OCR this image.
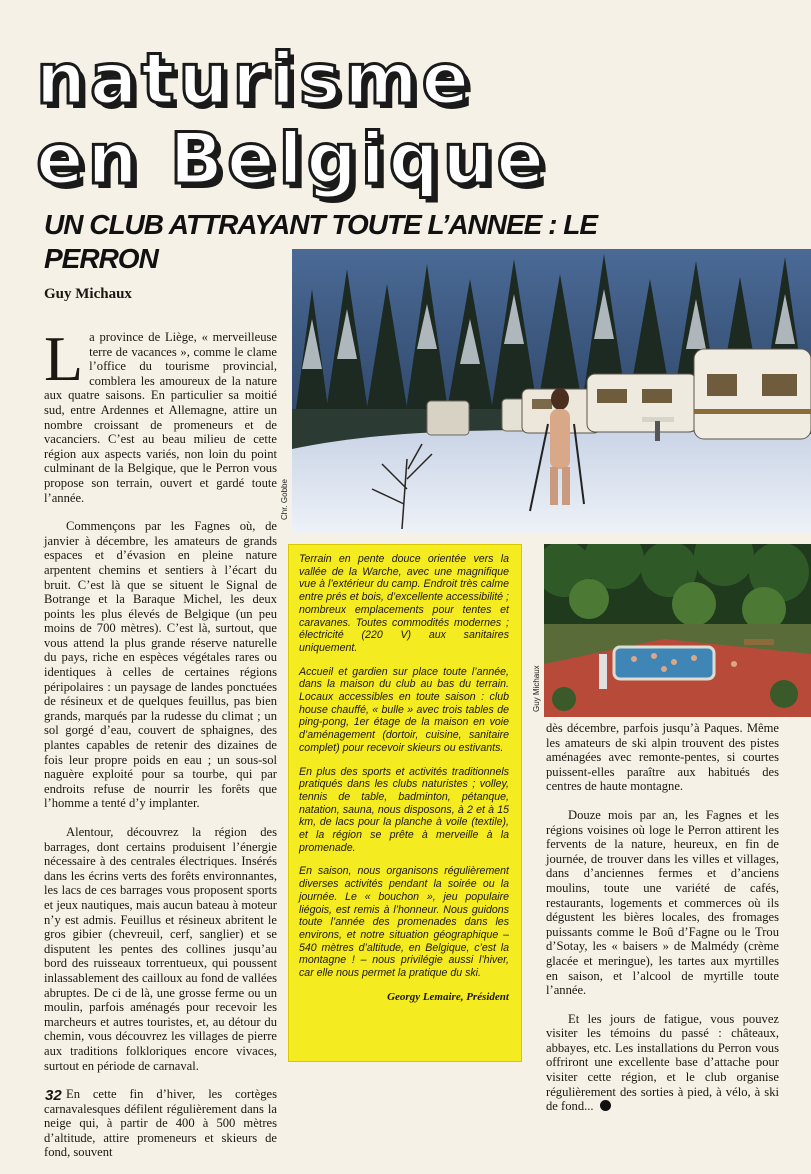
naturisme
en Belgique
UN CLUB ATTRAYANT TOUTE L’ANNEE : LE PERRON
Guy Michaux

La province de Liège, « merveilleuse terre de vacances », comme le clame l’office du tourisme provincial, comblera les amoureux de la nature aux quatre saisons. En particulier sa moitié sud, entre Ardennes et Allemagne, attire un nombre croissant de promeneurs et de vacanciers. C’est au beau milieu de cette région aux aspects variés, non loin du point culminant de la Belgique, que le Perron vous propose son terrain, ouvert et gardé toute l’année.

Commençons par les Fagnes où, de janvier à décembre, les amateurs de grands espaces et d’évasion en pleine nature arpentent chemins et sentiers à l’écart du bruit. C’est là que se situent le Signal de Botrange et la Baraque Michel, les deux points les plus élevés de Belgique (un peu moins de 700 mètres). C’est là, surtout, que vous attend la plus grande réserve naturelle du pays, riche en espèces végétales rares ou identiques à celles de certaines régions péripolaires : un paysage de landes ponctuées de résineux et de quelques feuillus, pas bien grands, marqués par la rudesse du climat ; un sol gorgé d’eau, couvert de sphaignes, des plantes capables de retenir des dizaines de fois leur propre poids en eau ; un sous-sol naguère exploité pour sa tourbe, qui par endroits refuse de nourrir les forêts que l’homme a tenté d’y implanter.

Alentour, découvrez la région des barrages, dont certains produisent l’énergie nécessaire à des centrales électriques. Insérés dans les écrins verts des forêts environnantes, les lacs de ces barrages vous proposent sports et jeux nautiques, mais aucun bateau à moteur n’y est admis. Feuillus et résineux abritent le gros gibier (chevreuil, cerf, sanglier) et se disputent les pentes des collines jusqu’au bord des ruisseaux torrentueux, qui poussent inlassablement des cailloux au fond de vallées abruptes. De ci de là, une grosse ferme ou un moulin, parfois aménagés pour recevoir les marcheurs et autres touristes, et, au détour du chemin, vous découvrez les villages de pierre aux traditions folkloriques encore vivaces, surtout en période de carnaval.

En cette fin d’hiver, les cortèges carnavalesques défilent régulièrement dans la neige qui, à partir de 400 à 500 mètres d’altitude, attire promeneurs et skieurs de fond, souvent

Chr. Gobbe

Terrain en pente douce orientée vers la vallée de la Warche, avec une magnifique vue à l’extérieur du camp. Endroit très calme entre prés et bois, d’excellente accessibilité ; nombreux emplacements pour tentes et caravanes. Toutes commodités modernes ; électricité (220 V) aux sanitaires uniquement.

Accueil et gardien sur place toute l’année, dans la maison du club au bas du terrain. Locaux accessibles en toute saison : club house chauffé, « bulle » avec trois tables de ping-pong, 1er étage de la maison en voie d’aménagement (dortoir, cuisine, sanitaire complet) pour recevoir skieurs ou estivants.

En plus des sports et activités traditionnels pratiqués dans les clubs naturistes ; volley, tennis de table, badminton, pétanque, natation, sauna, nous disposons, à 2 et à 15 km, de lacs pour la planche à voile (textile), et la région se prête à merveille à la promenade.

En saison, nous organisons régulièrement diverses activités pendant la soirée ou la journée. Le « bouchon », jeu populaire liégois, est remis à l’honneur. Nous guidons toute l’année des promenades dans les environs, et notre situation géographique – 540 mètres d’altitude, en Belgique, c’est la montagne ! – nous privilégie aussi l’hiver, car elle nous permet la pratique du ski.

Georgy Lemaire, Président

Guy Michaux

dès décembre, parfois jusqu’à Paques. Même les amateurs de ski alpin trouvent des pistes aménagées avec remonte-pentes, si courtes puissent-elles paraître aux habitués des centres de haute montagne.

Douze mois par an, les Fagnes et les régions voisines où loge le Perron attirent les fervents de la nature, heureux, en fin de journée, de trouver dans les villes et villages, dans d’anciennes fermes et d’anciens moulins, toute une variété de cafés, restaurants, logements et commerces où ils dégustent les bières locales, des fromages puissants comme le Boû d’Fagne ou le Trou d’Sotay, les « baisers » de Malmédy (crème glacée et meringue), les tartes aux myrtilles en saison, et l’alcool de myrtille toute l’année.

Et les jours de fatigue, vous pouvez visiter les témoins du passé : châteaux, abbayes, etc. Les installations du Perron vous offriront une excellente base d’attache pour visiter cette région, et le club organise régulièrement des sorties à pied, à vélo, à ski de fond...

32
